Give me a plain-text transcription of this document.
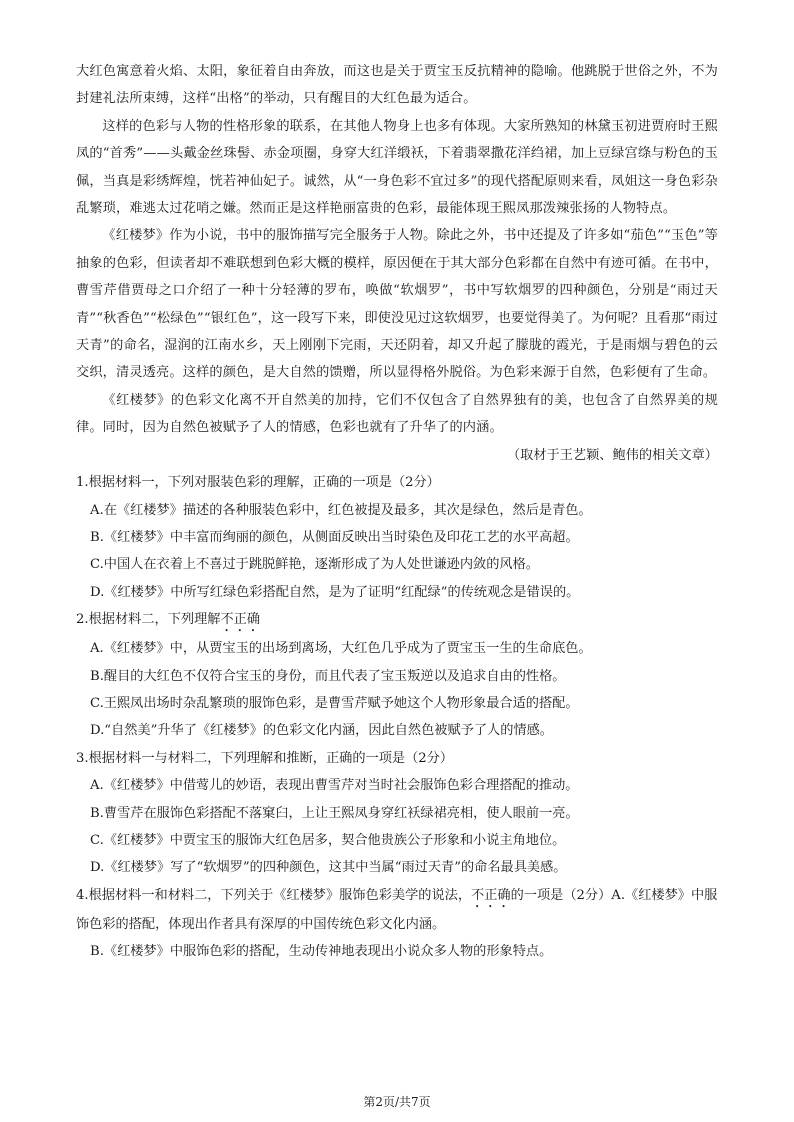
大红色寓意着火焰、太阳，象征着自由奔放，而这也是关于贾宝玉反抗精神的隐喻。他跳脱于世俗之外，不为封建礼法所束缚，这样“出格”的举动，只有醒目的大红色最为适合。

这样的色彩与人物的性格形象的联系，在其他人物身上也多有体现。大家所熟知的林黛玉初进贾府时王熙凤的“首秀”——头戴金丝珠髻、赤金项圈，身穿大红洋缎袄，下着翡翠撒花洋绉裙，加上豆绿宫绦与粉色的玉佩，当真是彩绣辉煌，恍若神仙妃子。诚然，从“一身色彩不宜过多”的现代搭配原则来看，凤姐这一身色彩杂乱繁琐，难逃太过花哨之嫌。然而正是这样艳丽富贵的色彩，最能体现王熙凤那泼辣张扬的人物特点。

《红楼梦》作为小说，书中的服饰描写完全服务于人物。除此之外，书中还提及了许多如“茄色”“玉色”等抽象的色彩，但读者却不难联想到色彩大概的模样，原因便在于其大部分色彩都在自然中有迹可循。在书中，曹雪芹借贾母之口介绍了一种十分轻薄的罗布，唤做“软烟罗”，书中写软烟罗的四种颜色，分别是“雨过天青”“秋香色”“松绿色”“银红色”，这一段写下来，即使没见过这软烟罗，也要觉得美了。为何呢？且看那“雨过天青”的命名，湿润的江南水乡，天上刚刚下完雨，天还阴着，却又升起了朦胧的霞光，于是雨烟与碧色的云交织，清灵透亮。这样的颜色，是大自然的馈赠，所以显得格外脱俗。为色彩来源于自然，色彩便有了生命。

《红楼梦》的色彩文化离不开自然美的加持，它们不仅包含了自然界独有的美，也包含了自然界美的规律。同时，因为自然色被赋予了人的情感，色彩也就有了升华了的内涵。

（取材于王艺颖、鲍伟的相关文章）

1.根据材料一，下列对服装色彩的理解，正确的一项是（2分）

A.在《红楼梦》描述的各种服装色彩中，红色被提及最多，其次是绿色，然后是青色。

B.《红楼梦》中丰富而绚丽的颜色，从侧面反映出当时染色及印花工艺的水平高超。

C.中国人在衣着上不喜过于跳脱鲜艳，逐渐形成了为人处世谦逊内敛的风格。

D.《红楼梦》中所写红绿色彩搭配自然，是为了证明“红配绿”的传统观念是错误的。

2.根据材料二，下列理解不正确

A.《红楼梦》中，从贾宝玉的出场到离场，大红色几乎成为了贾宝玉一生的生命底色。

B.醒目的大红色不仅符合宝玉的身份，而且代表了宝玉叛逆以及追求自由的性格。

C.王熙凤出场时杂乱繁琐的服饰色彩，是曹雪芹赋予她这个人物形象最合适的搭配。

D.“自然美”升华了《红楼梦》的色彩文化内涵，因此自然色被赋予了人的情感。

3.根据材料一与材料二，下列理解和推断，正确的一项是（2分）

A.《红楼梦》中借莺儿的妙语，表现出曹雪芹对当时社会服饰色彩合理搭配的推动。

B.曹雪芹在服饰色彩搭配不落窠臼，上让王熙凤身穿红袄绿裙亮相，使人眼前一亮。

C.《红楼梦》中贾宝玉的服饰大红色居多，契合他贵族公子形象和小说主角地位。

D.《红楼梦》写了“软烟罗”的四种颜色，这其中当属“雨过天青”的命名最具美感。

4.根据材料一和材料二，下列关于《红楼梦》服饰色彩美学的说法，不正确的一项是（2分）A.《红楼梦》中服饰色彩的搭配，体现出作者具有深厚的中国传统色彩文化内涵。

B.《红楼梦》中服饰色彩的搭配，生动传神地表现出小说众多人物的形象特点。

第2页/共7页
